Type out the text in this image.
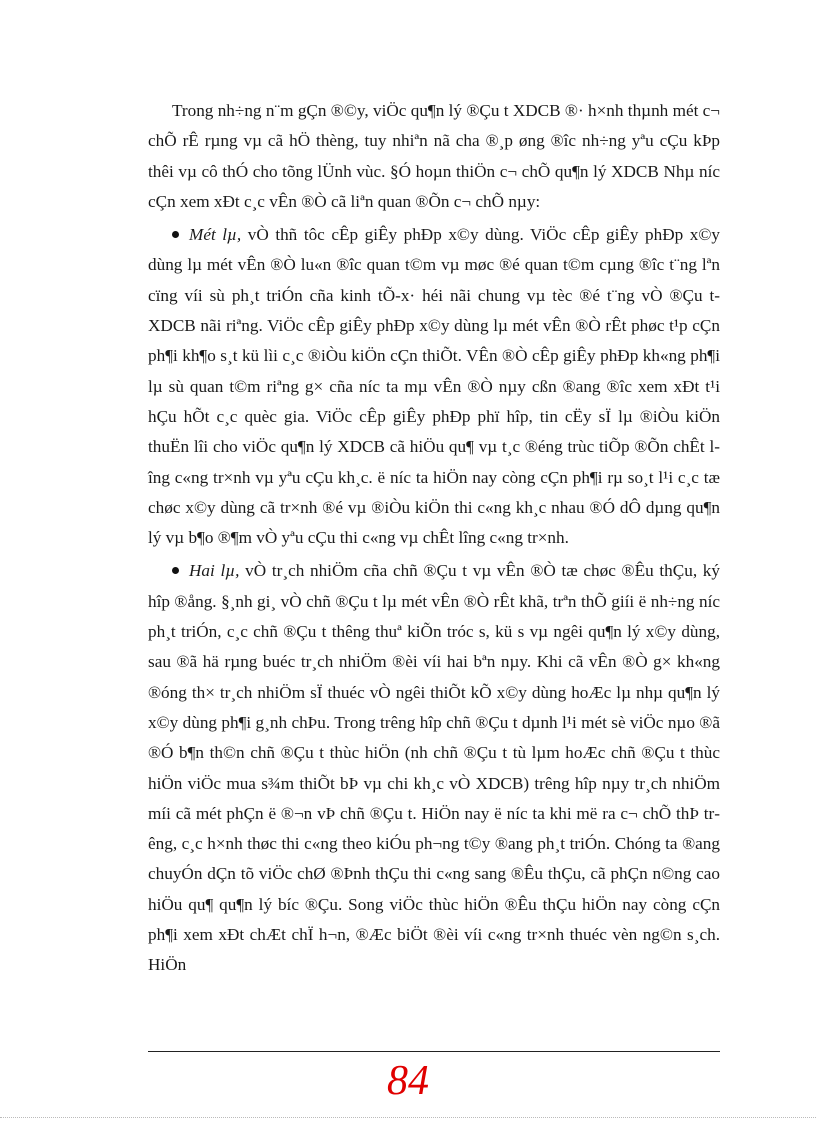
Trong nh÷ng n¨m gÇn ®©y, viÖc qu¶n lý ®Çu t XDCB ®· h×nh thµnh mét c¬ chÕ rÊ rµng vµ cã hÖ thèng, tuy nhiªn nã cha ®¸p øng ®îc nh÷ng yªu cÇu kÞp thêi vµ cô thÓ cho tõng lÜnh vùc. §Ó hoµn thiÖn c¬ chÕ qu¶n lý XDCB Nhµ níc cÇn xem xÐt c¸c vÊn ®Ò cã liªn quan ®Õn c¬ chÕ nµy:

Mét lµ, vÒ thñ tôc cÊp giÊy phÐp x©y dùng. ViÖc cÊp giÊy phÐp x©y dùng lµ mét vÊn ®Ò lu«n ®îc quan t©m vµ møc ®é quan t©m cµng ®îc t¨ng lªn cïng víi sù ph¸t triÓn cña kinh tÕ-x· héi nãi chung vµ tèc ®é t¨ng vÒ ®Çu t XDCB nãi riªng. ViÖc cÊp giÊy phÐp x©y dùng lµ mét vÊn ®Ò rÊt phøc t¹p cÇn ph¶i kh¶o s¸t kü lìi c¸c ®iÒu kiÖn cÇn thiÕt. VÊn ®Ò cÊp giÊy phÐp kh«ng ph¶i lµ sù quan t©m riªng g× cña níc ta mµ vÊn ®Ò nµy cßn ®ang ®îc xem xÐt t¹i hÇu hÕt c¸c quèc gia. ViÖc cÊp giÊy phÐp phï hîp, tin cËy sÏ lµ ®iÒu kiÖn thuËn lîi cho viÖc qu¶n lý XDCB cã hiÖu qu¶ vµ t¸c ®éng trùc tiÕp ®Õn chÊt lîng c«ng tr×nh vµ yªu cÇu kh¸c. ë níc ta hiÖn nay còng cÇn ph¶i rµ so¸t l¹i c¸c tæ chøc x©y dùng cã tr×nh ®é vµ ®iÒu kiÖn thi c«ng kh¸c nhau ®Ó dÔ dµng qu¶n lý vµ b¶o ®¶m vÒ yªu cÇu thi c«ng vµ chÊt lîng c«ng tr×nh.

Hai lµ, vÒ tr¸ch nhiÖm cña chñ ®Çu t vµ vÊn ®Ò tæ chøc ®Êu thÇu, ký hîp ®ång. §¸nh gi¸ vÒ chñ ®Çu t lµ mét vÊn ®Ò rÊt khã, trªn thÕ giíi ë nh÷ng níc ph¸t triÓn, c¸c chñ ®Çu t thêng thuª kiÕn tróc s, kü s vµ ngêi qu¶n lý x©y dùng, sau ®ã hä rµng buéc tr¸ch nhiÖm ®èi víi hai bªn nµy. Khi cã vÊn ®Ò g× kh«ng ®óng th× tr¸ch nhiÖm sÏ thuéc vÒ ngêi thiÕt kÕ x©y dùng hoÆc lµ nhµ qu¶n lý x©y dùng ph¶i g¸nh chÞu. Trong trêng hîp chñ ®Çu t dµnh l¹i mét sè viÖc nµo ®ã ®Ó b¶n th©n chñ ®Çu t thùc hiÖn (nh chñ ®Çu t tù lµm hoÆc chñ ®Çu t thùc hiÖn viÖc mua s¾m thiÕt bÞ vµ chi kh¸c vÒ XDCB) trêng hîp nµy tr¸ch nhiÖm míi cã mét phÇn ë ®¬n vÞ chñ ®Çu t. HiÖn nay ë níc ta khi më ra c¬ chÕ thÞ trêng, c¸c h×nh thøc thi c«ng theo kiÓu ph¬ng t©y ®ang ph¸t triÓn. Chóng ta ®ang chuyÓn dÇn tõ viÖc chØ ®Þnh thÇu thi c«ng sang ®Êu thÇu, cã phÇn n©ng cao hiÖu qu¶ qu¶n lý bíc ®Çu. Song viÖc thùc hiÖn ®Êu thÇu hiÖn nay còng cÇn ph¶i xem xÐt chÆt chÏ h¬n, ®Æc biÖt ®èi víi c«ng tr×nh thuéc vèn ng©n s¸ch. HiÖn

84
